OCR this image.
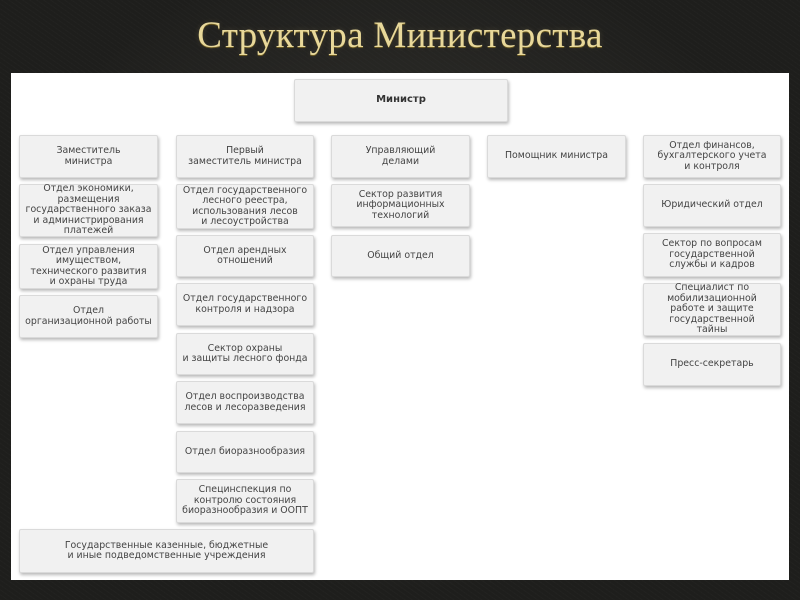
Структура Министерства
Министр
Заместитель
министра
Отдел экономики,
размещения
государственного заказа
и администрирования
платежей
Отдел управления
имуществом,
технического развития
и охраны труда
Отдел
организационной работы
Первый
заместитель министра
Отдел государственного
лесного реестра,
использования лесов
и лесоустройства
Отдел арендных
отношений
Отдел государственного
контроля и надзора
Сектор охраны
и защиты лесного фонда
Отдел воспроизводства
лесов и лесоразведения
Отдел биоразнообразия
Специнспекция по
контролю состояния
биоразнообразия и ООПТ
Управляющий
делами
Сектор развития
информационных
технологий
Общий отдел
Помощник министра
Отдел финансов,
бухгалтерского учета
и контроля
Юридический отдел
Сектор по вопросам
государственной
службы и кадров
Специалист по
мобилизационной
работе и защите
государственной
тайны
Пресс-секретарь
Государственные казенные, бюджетные
и иные подведомственные учреждения
